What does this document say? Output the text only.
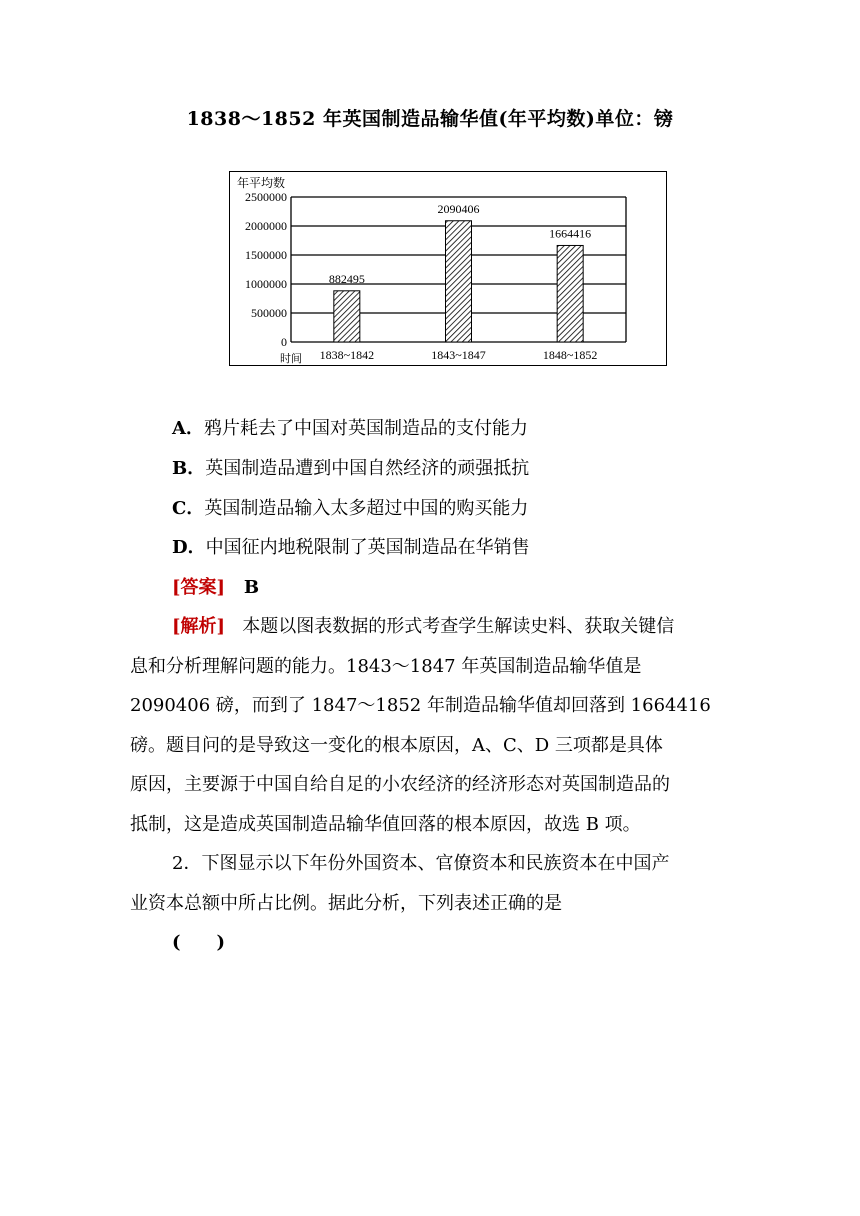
1838～1852 年英国制造品输华值(年平均数)单位：镑
0
500000
1000000
1500000
2000000
2500000
年平均数
时间
882495
1838~1842
2090406
1843~1847
1664416
1848~1852
A．鸦片耗去了中国对英国制造品的支付能力
B．英国制造品遭到中国自然经济的顽强抵抗
C．英国制造品输入太多超过中国的购买能力
D．中国征内地税限制了英国制造品在华销售
[答案] B
[解析] 本题以图表数据的形式考查学生解读史料、获取关键信
息和分析理解问题的能力。1843～1847 年英国制造品输华值是
2090406 磅，而到了 1847～1852 年制造品输华值却回落到 1664416
磅。题目问的是导致这一变化的根本原因，A、C、D 三项都是具体
原因，主要源于中国自给自足的小农经济的经济形态对英国制造品的
抵制，这是造成英国制造品输华值回落的根本原因，故选 B 项。
2．下图显示以下年份外国资本、官僚资本和民族资本在中国产
业资本总额中所占比例。据此分析，下列表述正确的是
(　　)
